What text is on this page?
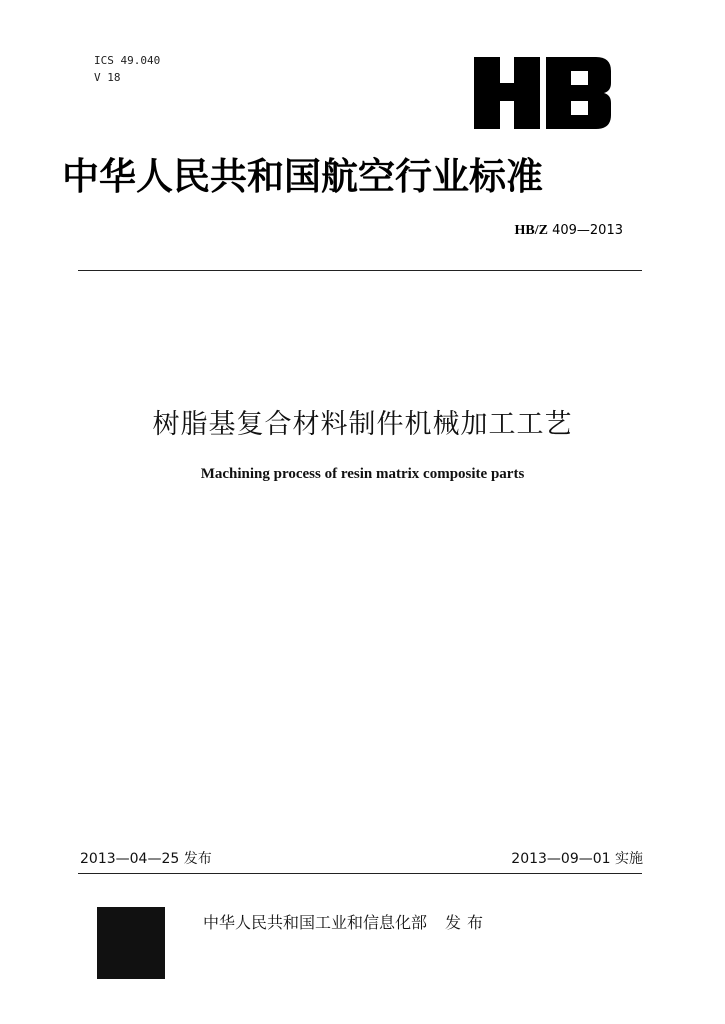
ICS 49.040
V 18
中华人民共和国航空行业标准
HB/Z 409—2013
树脂基复合材料制件机械加工工艺
Machining process of resin matrix composite parts
2013—04—25 发布	2013—09—01 实施
中华人民共和国工业和信息化部 发布
